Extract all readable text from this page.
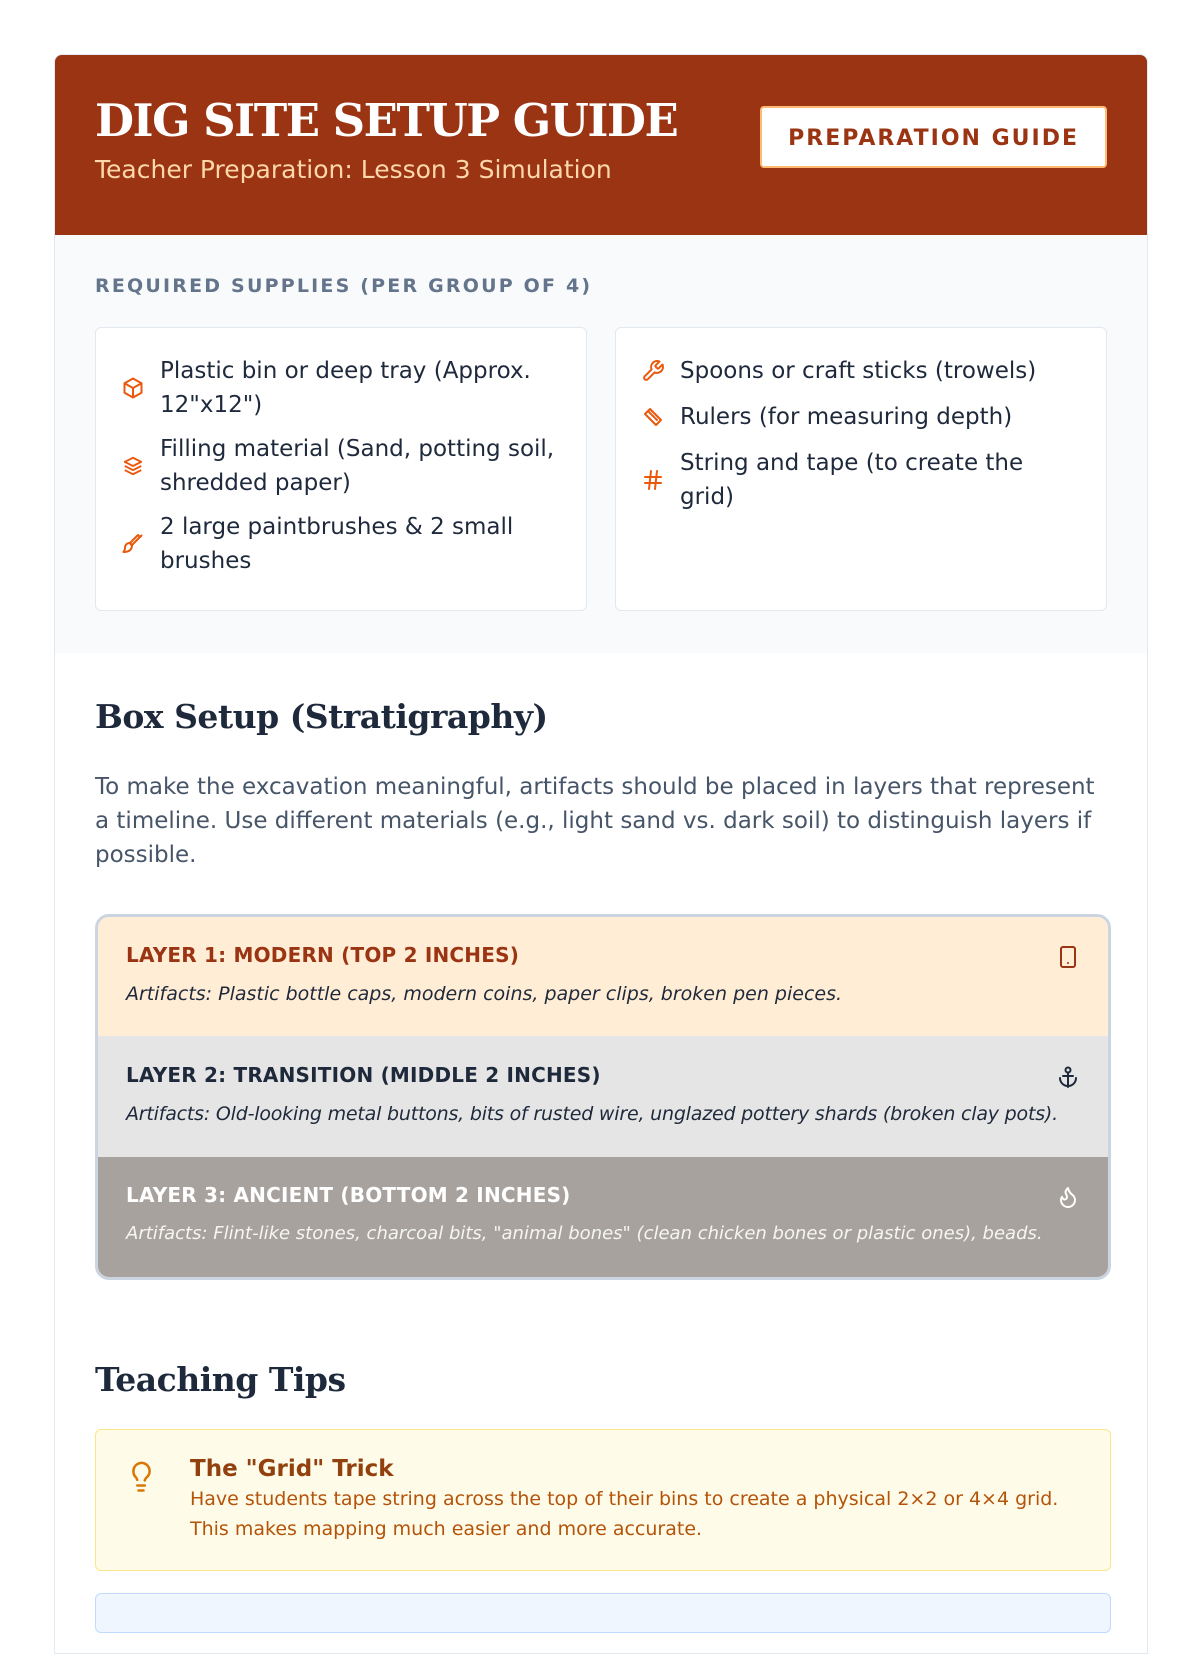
DIG SITE SETUP GUIDE
Teacher Preparation: Lesson 3 Simulation
PREPARATION GUIDE
REQUIRED SUPPLIES (PER GROUP OF 4)
Plastic bin or deep tray (Approx. 12"x12")
Filling material (Sand, potting soil, shredded paper)
2 large paintbrushes & 2 small brushes
Spoons or craft sticks (trowels)
Rulers (for measuring depth)
String and tape (to create the grid)
Box Setup (Stratigraphy)
To make the excavation meaningful, artifacts should be placed in layers that represent a timeline. Use different materials (e.g., light sand vs. dark soil) to distinguish layers if possible.
LAYER 1: MODERN (TOP 2 INCHES)
Artifacts: Plastic bottle caps, modern coins, paper clips, broken pen pieces.
LAYER 2: TRANSITION (MIDDLE 2 INCHES)
Artifacts: Old-looking metal buttons, bits of rusted wire, unglazed pottery shards (broken clay pots).
LAYER 3: ANCIENT (BOTTOM 2 INCHES)
Artifacts: Flint-like stones, charcoal bits, "animal bones" (clean chicken bones or plastic ones), beads.
Teaching Tips
The "Grid" Trick
Have students tape string across the top of their bins to create a physical 2×2 or 4×4 grid.
This makes mapping much easier and more accurate.
